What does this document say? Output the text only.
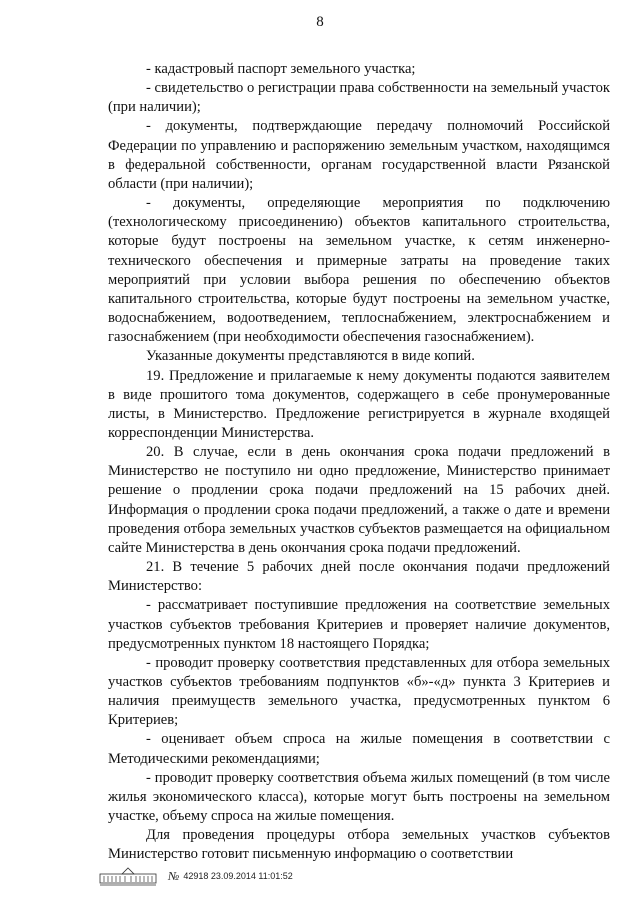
8

- кадастровый паспорт земельного участка;

- свидетельство о регистрации права собственности на земельный участок (при наличии);

- документы, подтверждающие передачу полномочий Российской Федерации по управлению и распоряжению земельным участком, находящимся в федеральной собственности, органам государственной власти Рязанской области (при наличии);

- документы, определяющие мероприятия по подключению (технологическому присоединению) объектов капитального строительства, которые будут построены на земельном участке, к сетям инженерно-технического обеспечения и примерные затраты на проведение таких мероприятий при условии выбора решения по обеспечению объектов капитального строительства, которые будут построены на земельном участке, водоснабжением, водоотведением, теплоснабжением, электроснабжением и газоснабжением (при необходимости обеспечения газоснабжением).

Указанные документы представляются в виде копий.

19. Предложение и прилагаемые к нему документы подаются заявителем в виде прошитого тома документов, содержащего в себе пронумерованные листы, в Министерство. Предложение регистрируется в журнале входящей корреспонденции Министерства.

20. В случае, если в день окончания срока подачи предложений в Министерство не поступило ни одно предложение, Министерство принимает решение о продлении срока подачи предложений на 15 рабочих дней. Информация о продлении срока подачи предложений, а также о дате и времени проведения отбора земельных участков субъектов размещается на официальном сайте Министерства в день окончания срока подачи предложений.

21. В течение 5 рабочих дней после окончания подачи предложений Министерство:

- рассматривает поступившие предложения на соответствие земельных участков субъектов требования Критериев и проверяет наличие документов, предусмотренных пунктом 18 настоящего Порядка;

- проводит проверку соответствия представленных для отбора земельных участков субъектов требованиям подпунктов «б»-«д» пункта 3 Критериев и наличия преимуществ земельного участка, предусмотренных пунктом 6 Критериев;

- оценивает объем спроса на жилые помещения в соответствии с Методическими рекомендациями;

- проводит проверку соответствия объема жилых помещений (в том числе жилья экономического класса), которые могут быть построены на земельном участке, объему спроса на жилые помещения.

Для проведения процедуры отбора земельных участков субъектов Министерство готовит письменную информацию о соответствии

№ 42918 23.09.2014 11:01:52
